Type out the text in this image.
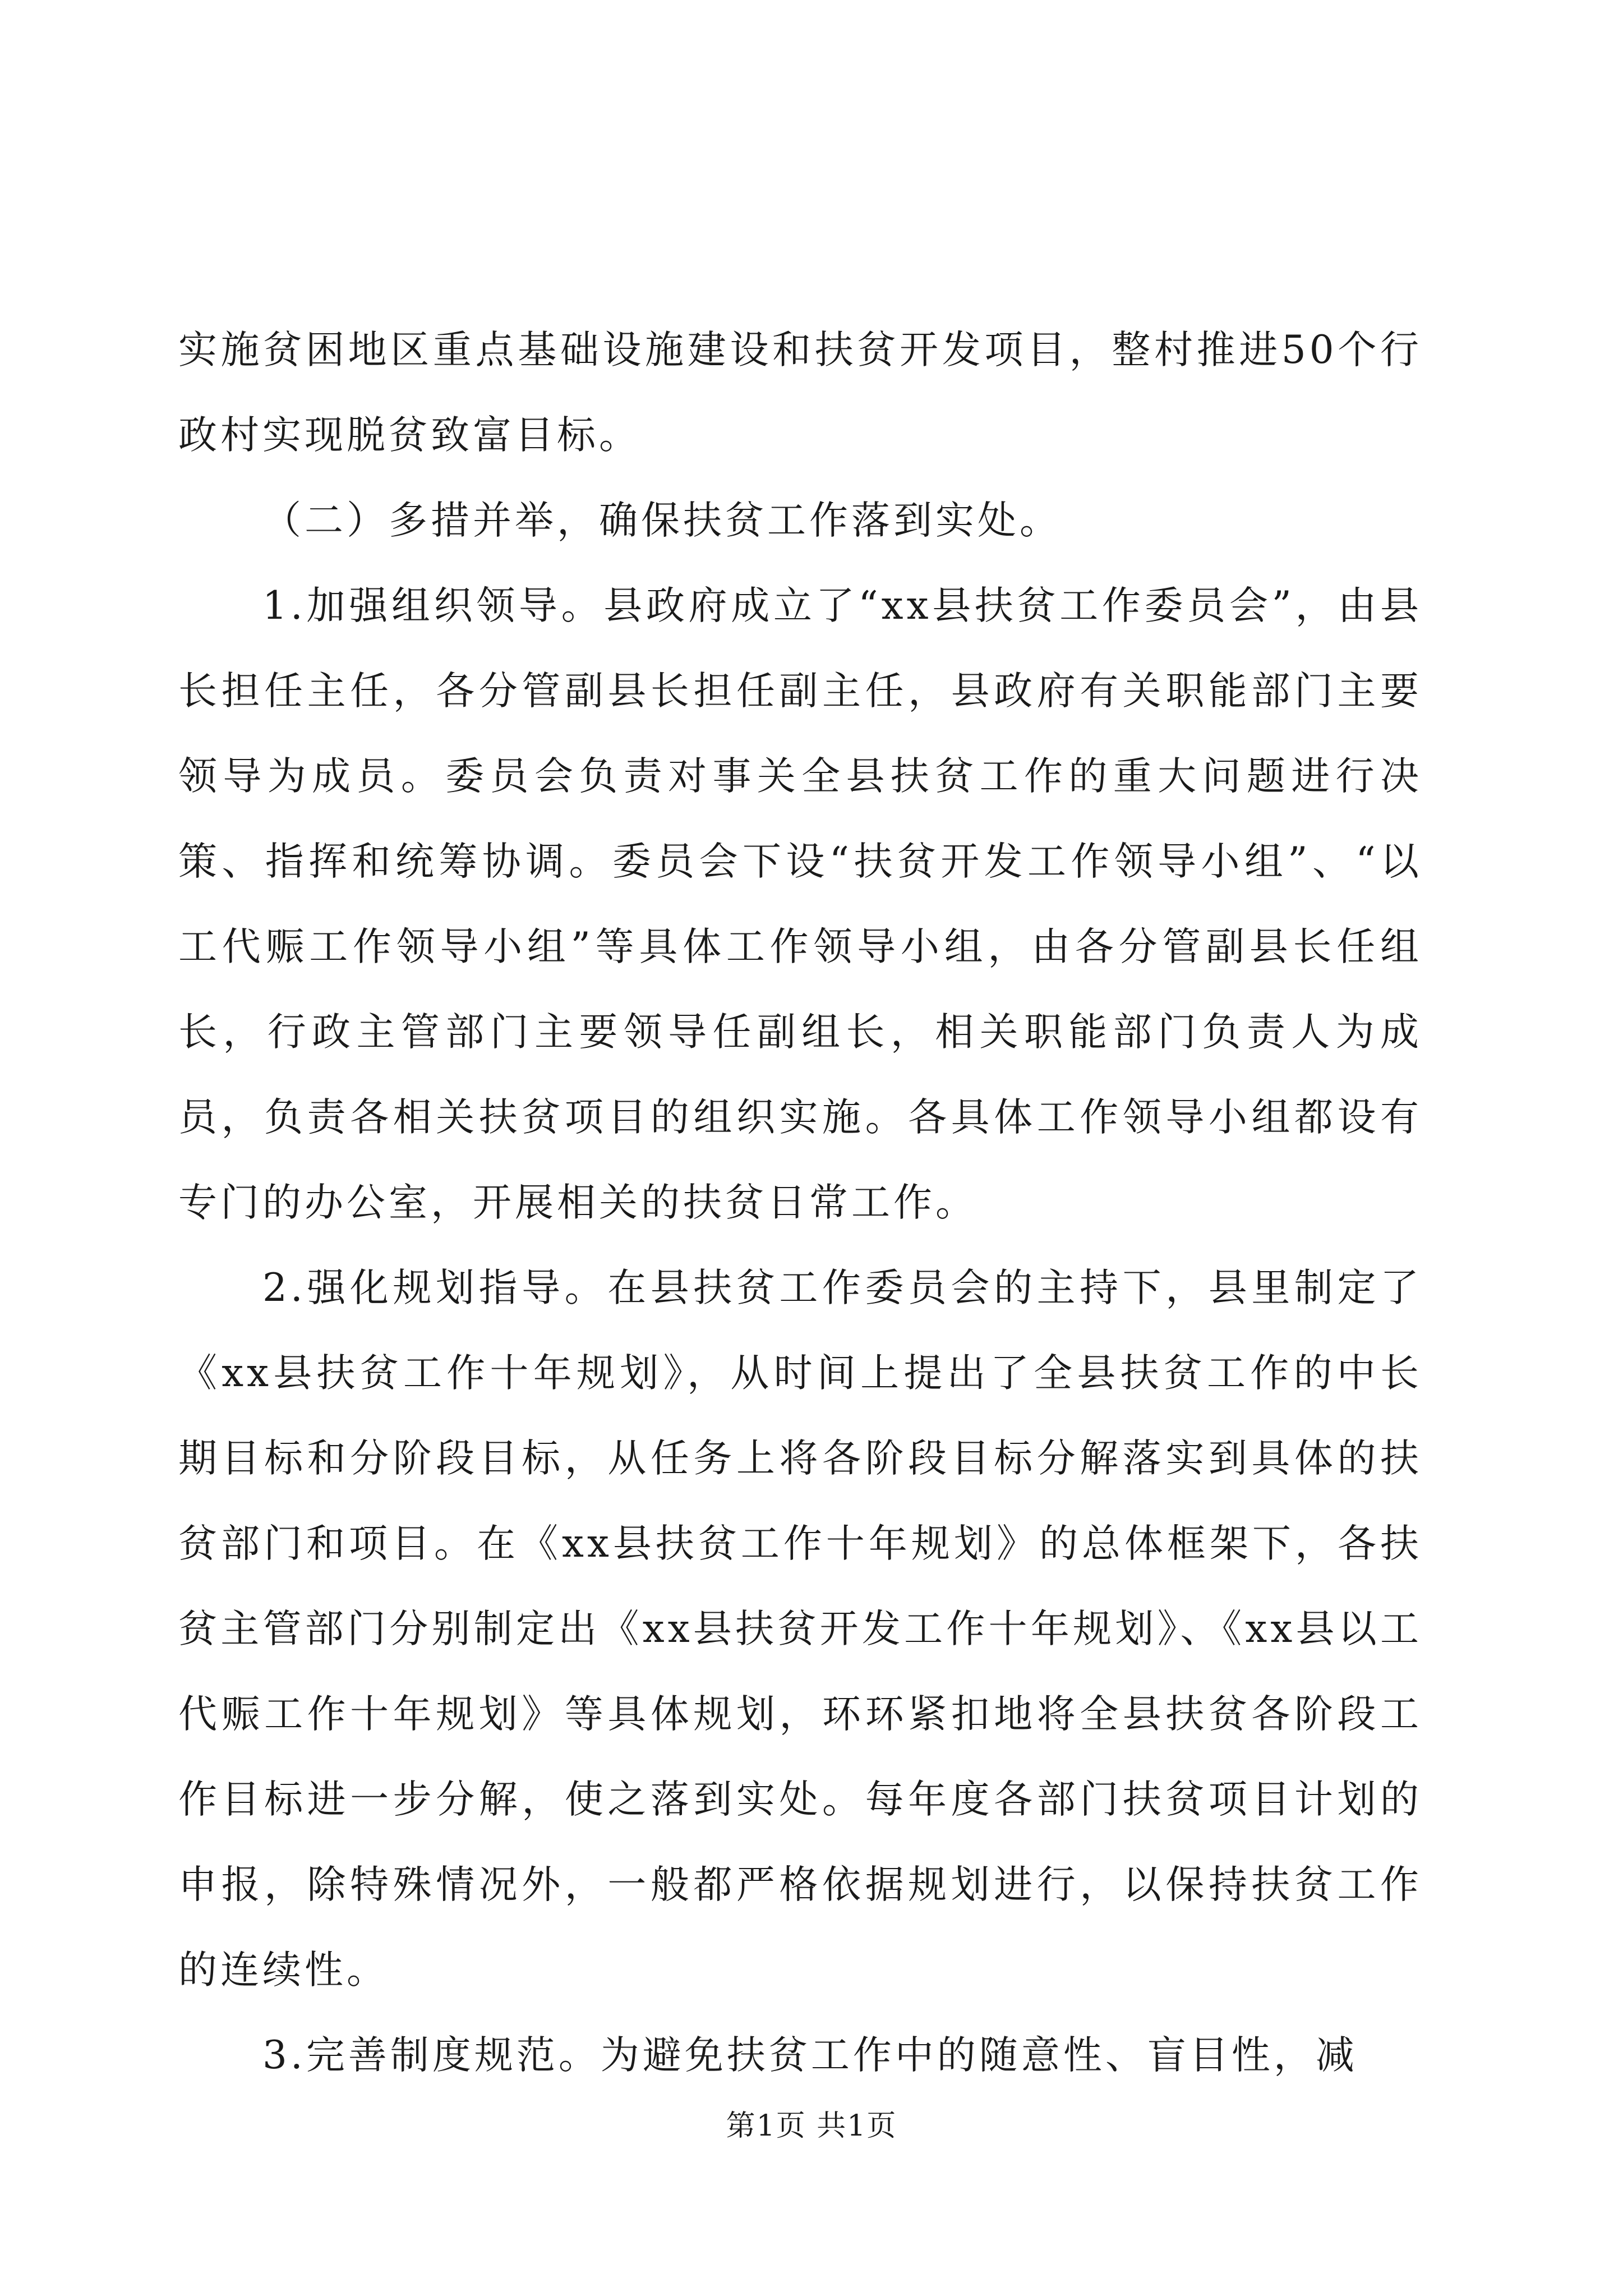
实施贫困地区重点基础设施建设和扶贫开发项目，整村推进50个行政村实现脱贫致富目标。

（二）多措并举，确保扶贫工作落到实处。

1.加强组织领导。县政府成立了“xx县扶贫工作委员会”，由县长担任主任，各分管副县长担任副主任，县政府有关职能部门主要领导为成员。委员会负责对事关全县扶贫工作的重大问题进行决策、指挥和统筹协调。委员会下设“扶贫开发工作领导小组”、“以工代赈工作领导小组”等具体工作领导小组，由各分管副县长任组长，行政主管部门主要领导任副组长，相关职能部门负责人为成员，负责各相关扶贫项目的组织实施。各具体工作领导小组都设有专门的办公室，开展相关的扶贫日常工作。

2.强化规划指导。在县扶贫工作委员会的主持下，县里制定了《xx县扶贫工作十年规划》，从时间上提出了全县扶贫工作的中长期目标和分阶段目标，从任务上将各阶段目标分解落实到具体的扶贫部门和项目。在《xx县扶贫工作十年规划》的总体框架下，各扶贫主管部门分别制定出《xx县扶贫开发工作十年规划》、《xx县以工代赈工作十年规划》等具体规划，环环紧扣地将全县扶贫各阶段工作目标进一步分解，使之落到实处。每年度各部门扶贫项目计划的申报，除特殊情况外，一般都严格依据规划进行，以保持扶贫工作的连续性。

3.完善制度规范。为避免扶贫工作中的随意性、盲目性，减

第1页 共1页
